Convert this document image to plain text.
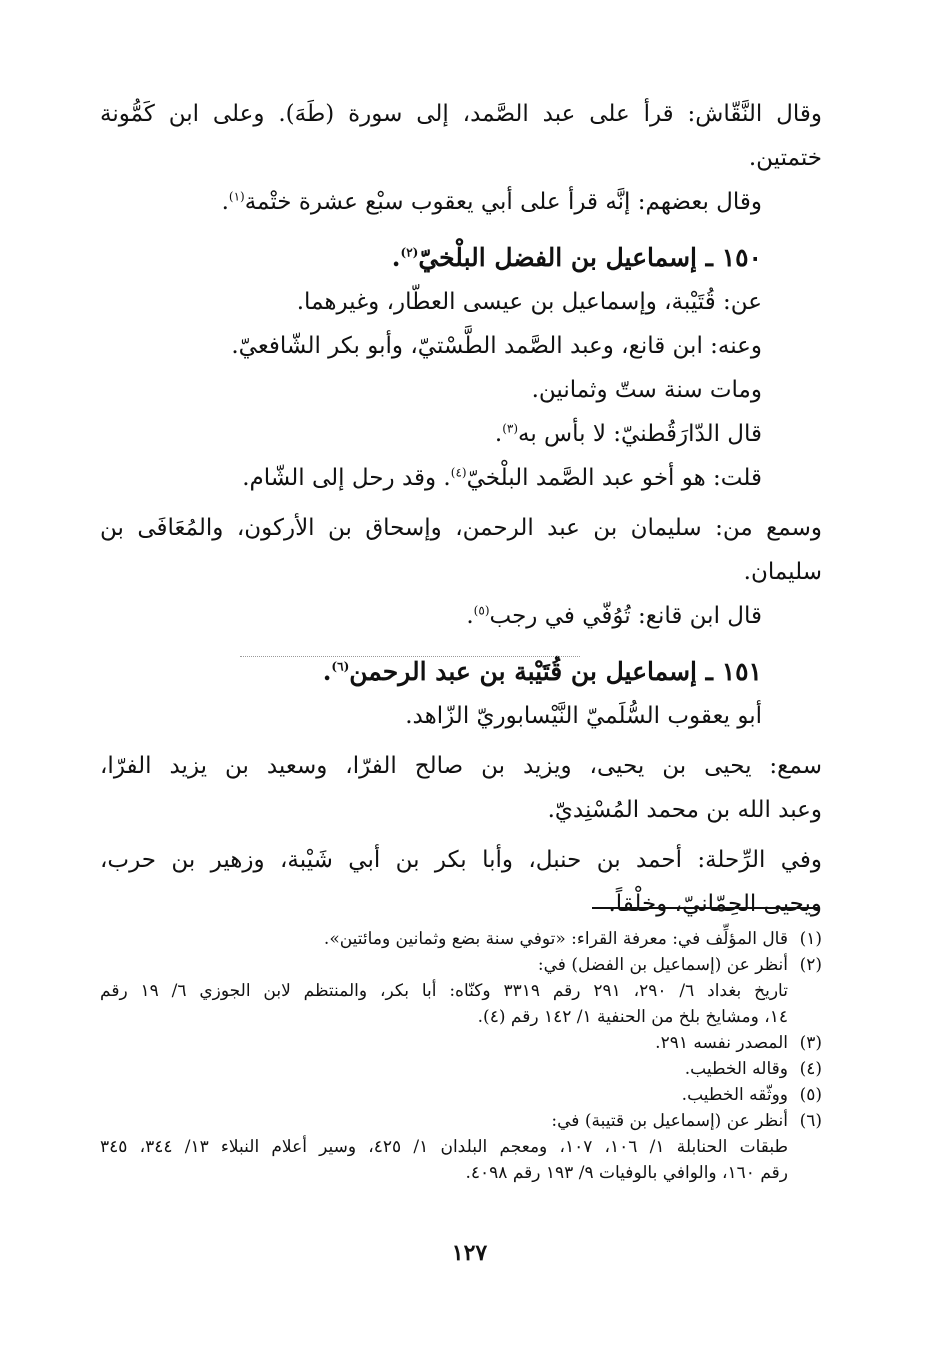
وقال النَّقّاش: قرأ على عبد الصَّمد، إلى سورة (طَهَ). وعلى ابن كَمُّونة
ختمتين.
وقال بعضهم: إنَّه قرأ على أبي يعقوب سبْع عشرة ختْمة$^{(١)}$.
١٥٠ ـ إسماعيل بن الفضل البلْخيّ$^{(٢)}$.
عن: قُتَيْبة، وإسماعيل بن عيسى العطّار، وغيرهما.
وعنه: ابن قانع، وعبد الصَّمد الطَّسْتيّ، وأبو بكر الشّافعيّ.
ومات سنة ستّ وثمانين.
قال الدّارَقُطنيّ: لا بأس به$^{(٣)}$.
قلت: هو أخو عبد الصَّمد البلْخيّ$^{(٤)}$. وقد رحل إلى الشّام.
وسمع من: سليمان بن عبد الرحمن، وإسحاق بن الأركون، والمُعَافَى بن
سليمان.
قال ابن قانع: تُوُفّي في رجب$^{(٥)}$.
١٥١ ـ إسماعيل بن قُتَيْبة بن عبد الرحمن$^{(٦)}$.
أبو يعقوب السُّلَميّ النَّيْسابوريّ الزّاهد.
سمع: يحيى بن يحيى، ويزيد بن صالح الفرّا، وسعيد بن يزيد الفرّا،
وعبد الله بن محمد المُسْنِديّ.
وفي الرِّحلة: أحمد بن حنبل، وأبا بكر بن أبي شَيْبة، وزهير بن حرب،
ويحيى الحِمّانيّ، وخلْقاً.
(١)قال المؤلِّف في: معرفة القراء: «توفي سنة بضع وثمانين ومائتين».
(٢)أنظر عن (إسماعيل بن الفضل) في:
تاريخ بغداد ٦/ ٢٩٠، ٢٩١ رقم ٣٣١٩ وكنّاه: أبا بكر، والمنتظم لابن الجوزي ٦/ ١٩ رقم
١٤، ومشايخ بلخ من الحنفية ١/ ١٤٢ رقم (٤).
(٣)المصدر نفسه ٢٩١.
(٤)وقاله الخطيب.
(٥)ووثّقه الخطيب.
(٦)أنظر عن (إسماعيل بن قتيبة) في:
طبقات الحنابلة ١/ ١٠٦، ١٠٧، ومعجم البلدان ١/ ٤٢٥، وسير أعلام النبلاء ١٣/ ٣٤٤، ٣٤٥
رقم ١٦٠، والوافي بالوفيات ٩/ ١٩٣ رقم ٤٠٩٨.
١٢٧
